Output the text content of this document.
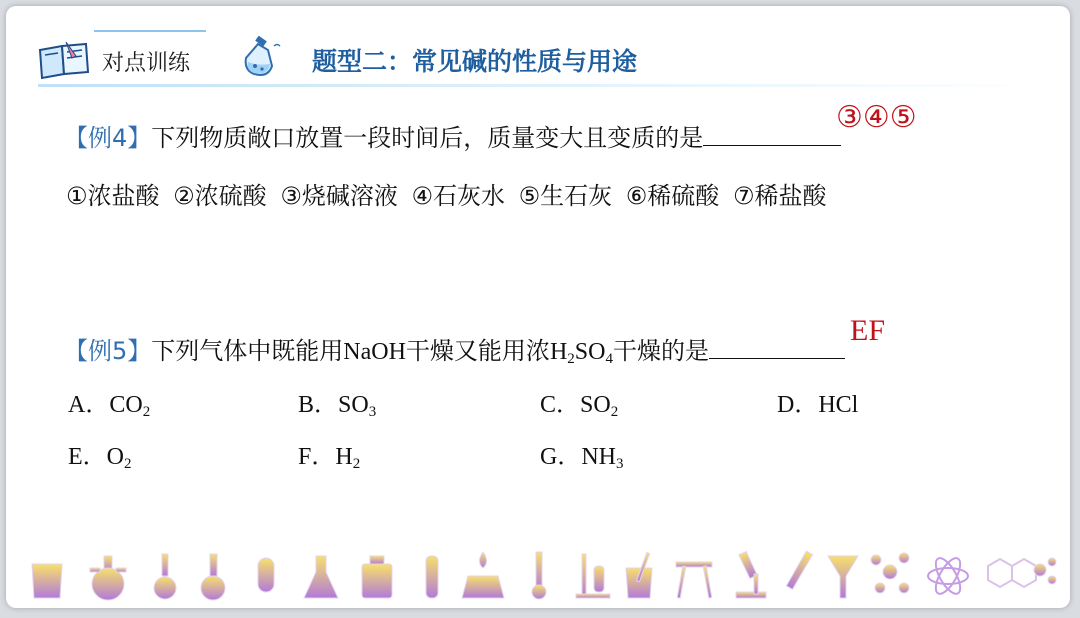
对点训练	题型二：常见碱的性质与用途
【例4】下列物质敞口放置一段时间后，质量变大且变质的是
③④⑤
①浓盐酸 ②浓硫酸 ③烧碱溶液 ④石灰水 ⑤生石灰 ⑥稀硫酸 ⑦稀盐酸
【例5】下列气体中既能用NaOH干燥又能用浓$H_2SO_4$干燥的是
EF
A．$CO_2$	B．$SO_3$	C．$SO_2$	D．HCl
E．$O_2$	F．$H_2$	G．$NH_3$
